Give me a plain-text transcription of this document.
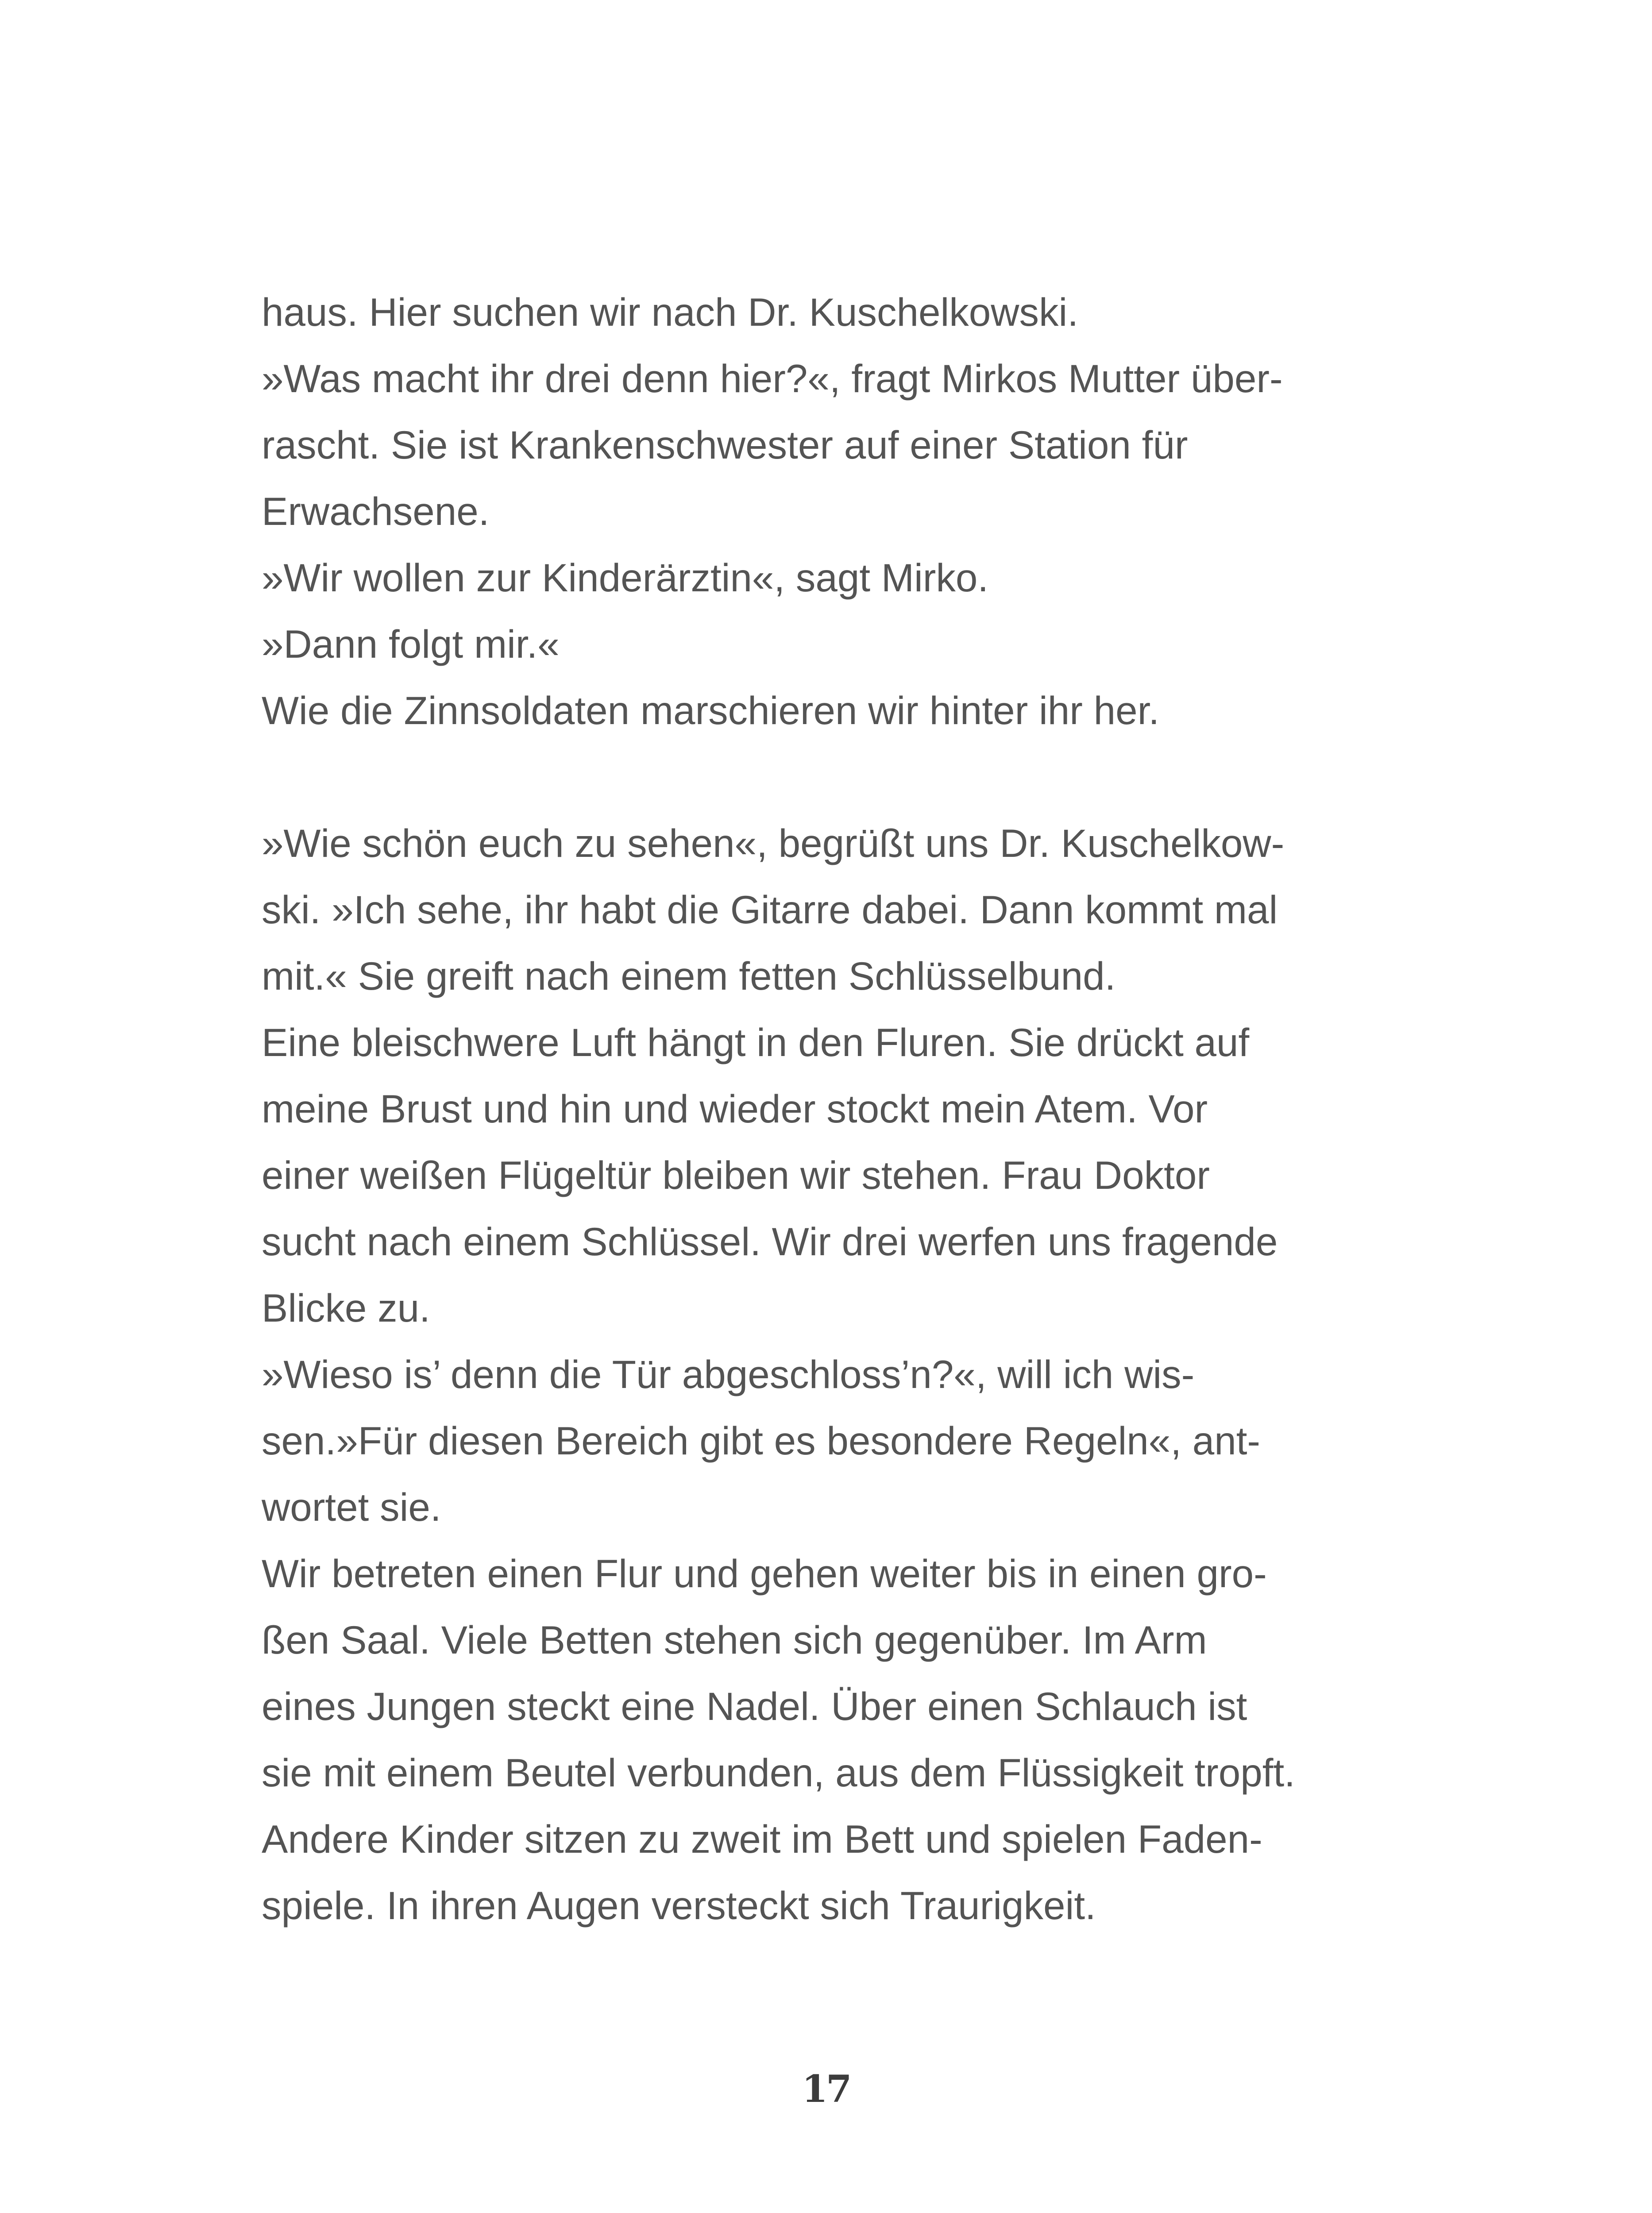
haus. Hier suchen wir nach Dr. Kuschelkowski.
»Was macht ihr drei denn hier?«, fragt Mirkos Mutter über-
rascht. Sie ist Krankenschwester auf einer Station für
Erwachsene.
»Wir wollen zur Kinderärztin«, sagt Mirko.
»Dann folgt mir.«
Wie die Zinnsoldaten marschieren wir hinter ihr her.
»Wie schön euch zu sehen«, begrüßt uns Dr. Kuschelkow-
ski. »Ich sehe, ihr habt die Gitarre dabei. Dann kommt mal
mit.« Sie greift nach einem fetten Schlüsselbund.
Eine bleischwere Luft hängt in den Fluren. Sie drückt auf
meine Brust und hin und wieder stockt mein Atem. Vor
einer weißen Flügeltür bleiben wir stehen. Frau Doktor
sucht nach einem Schlüssel. Wir drei werfen uns fragende
Blicke zu.
»Wieso is’ denn die Tür abgeschloss’n?«, will ich wis-
sen.»Für diesen Bereich gibt es besondere Regeln«, ant-
wortet sie.
Wir betreten einen Flur und gehen weiter bis in einen gro-
ßen Saal. Viele Betten stehen sich gegenüber. Im Arm
eines Jungen steckt eine Nadel. Über einen Schlauch ist
sie mit einem Beutel verbunden, aus dem Flüssigkeit tropft.
Andere Kinder sitzen zu zweit im Bett und spielen Faden-
spiele. In ihren Augen versteckt sich Traurigkeit.
17
